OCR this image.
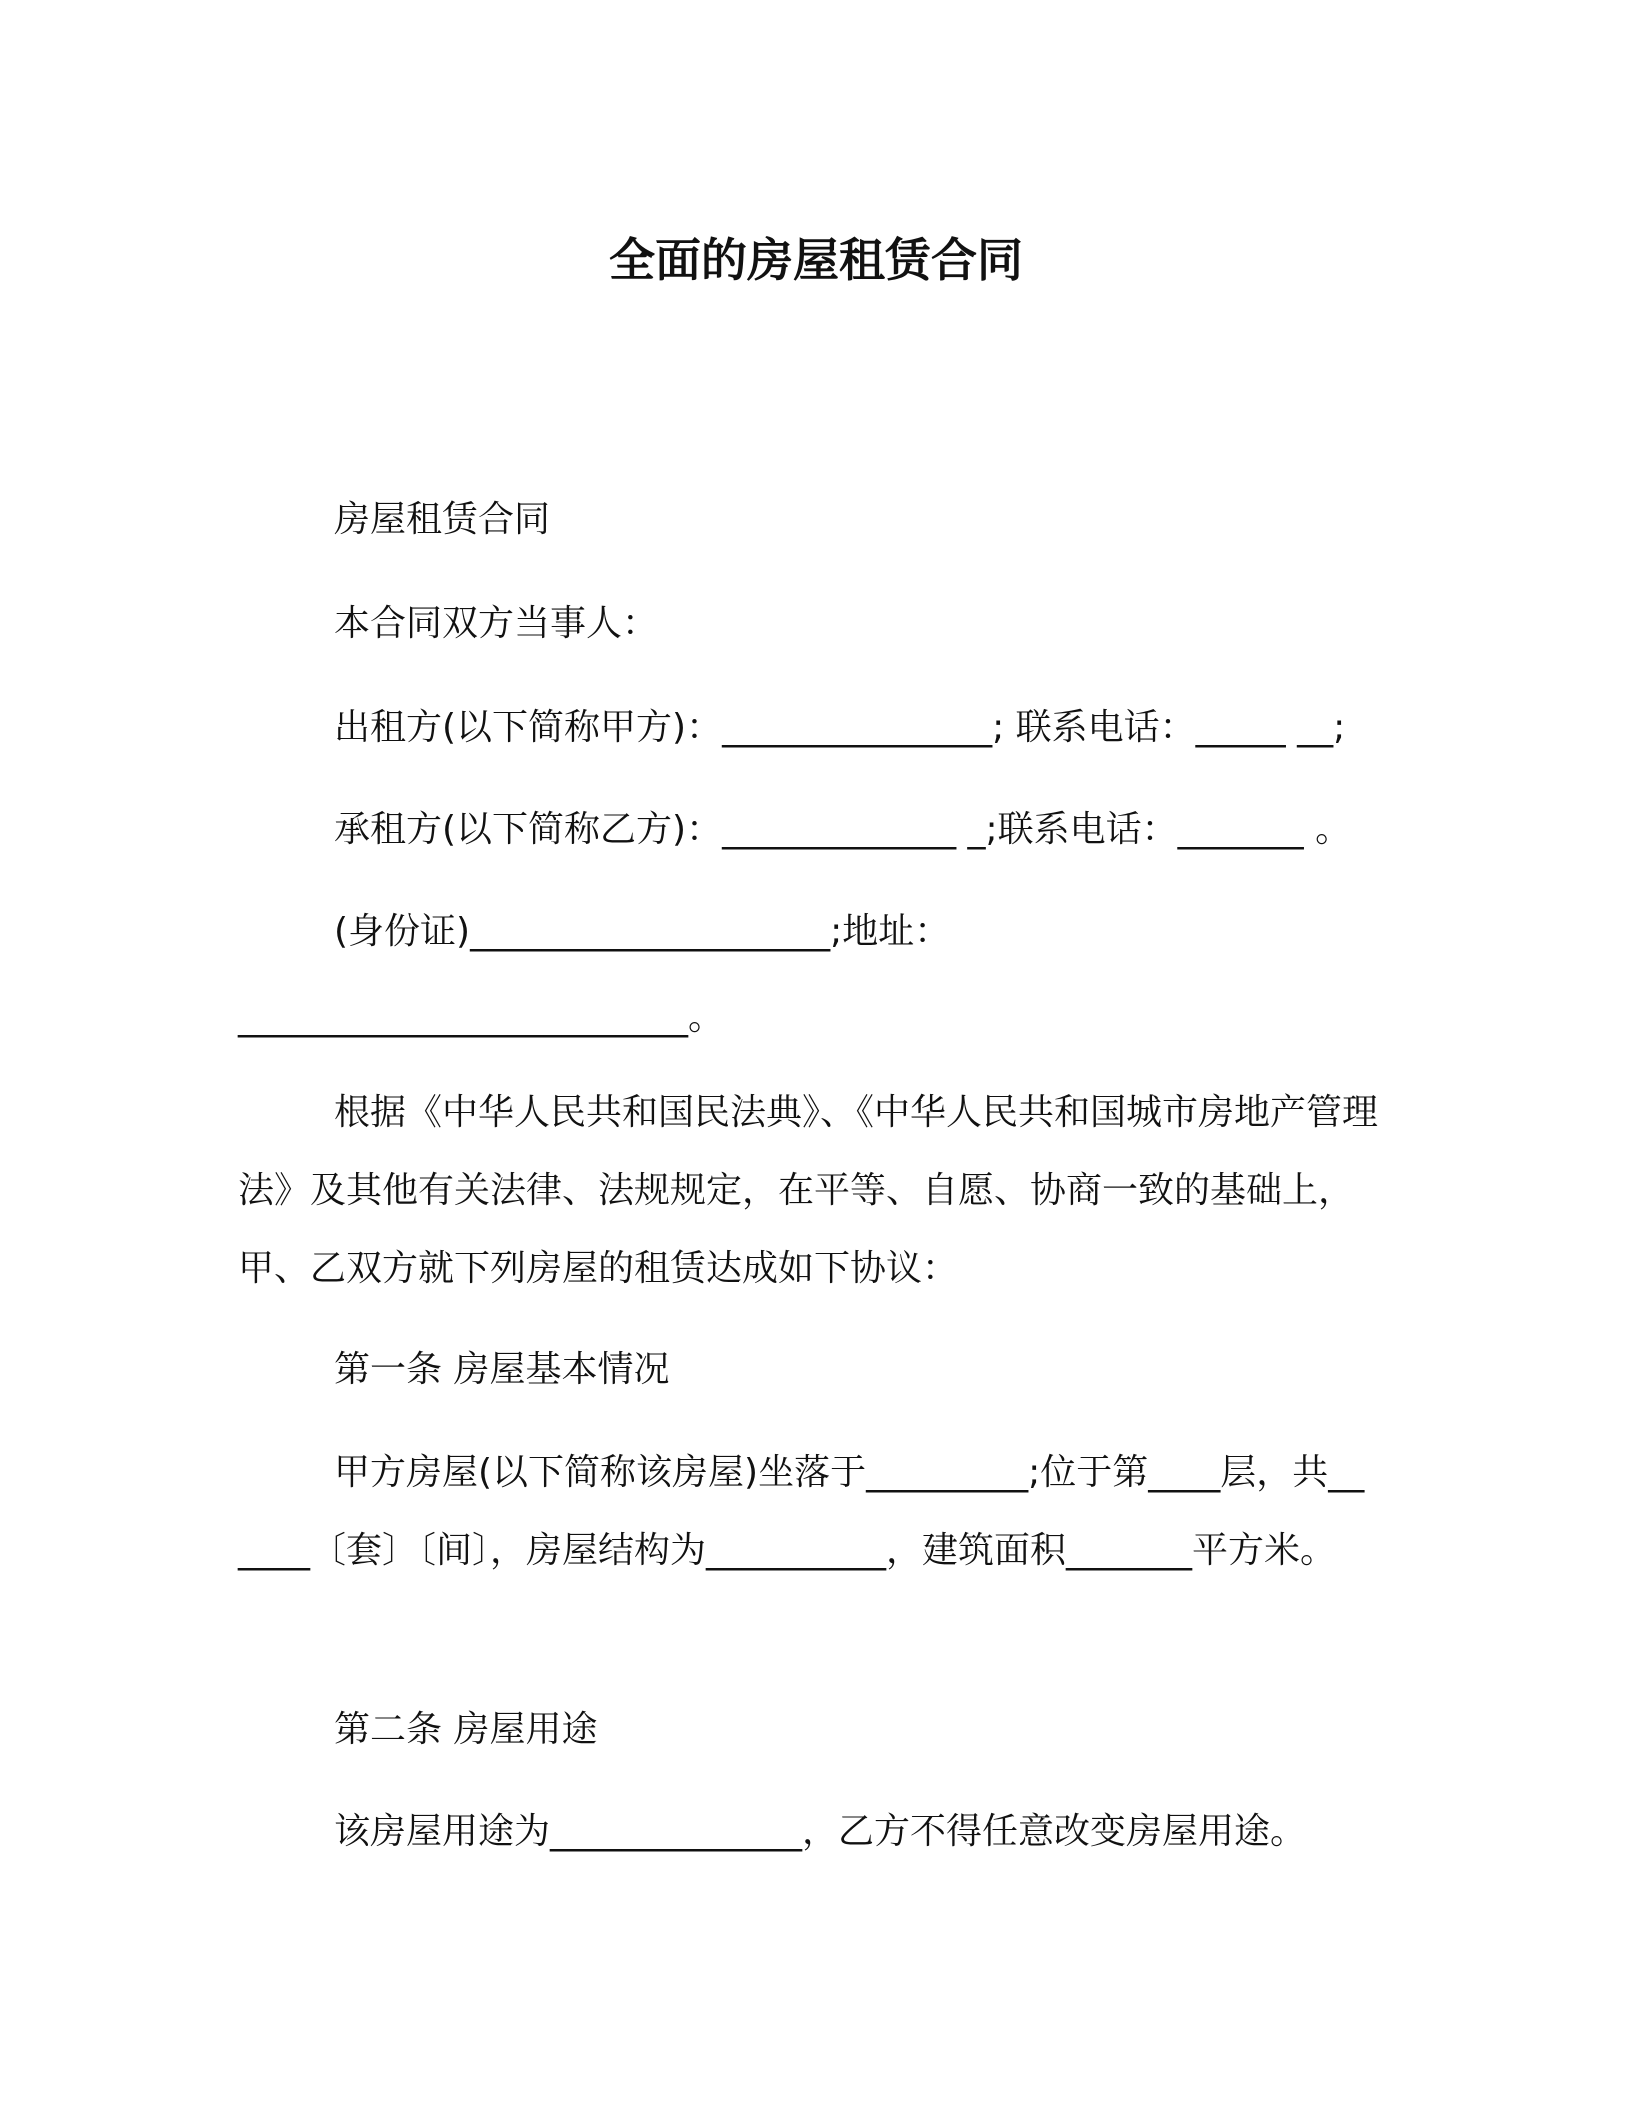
全面的房屋租赁合同
房屋租赁合同
本合同双方当事人：
出租方(以下简称甲方)：_______________; 联系电话：_____ __;
承租方(以下简称乙方)：_____________ _;联系电话：_______ 。
(身份证)____________________;地址：
_________________________。
根据《中华人民共和国民法典》、《中华人民共和国城市房地产管理法》及其他有关法律、法规规定，在平等、自愿、协商一致的基础上，甲、乙双方就下列房屋的租赁达成如下协议：
第一条 房屋基本情况
甲方房屋(以下简称该房屋)坐落于_________;位于第____层，共______〔套〕〔间〕，房屋结构为__________，建筑面积_______平方米。
第二条 房屋用途
该房屋用途为______________，乙方不得任意改变房屋用途。
